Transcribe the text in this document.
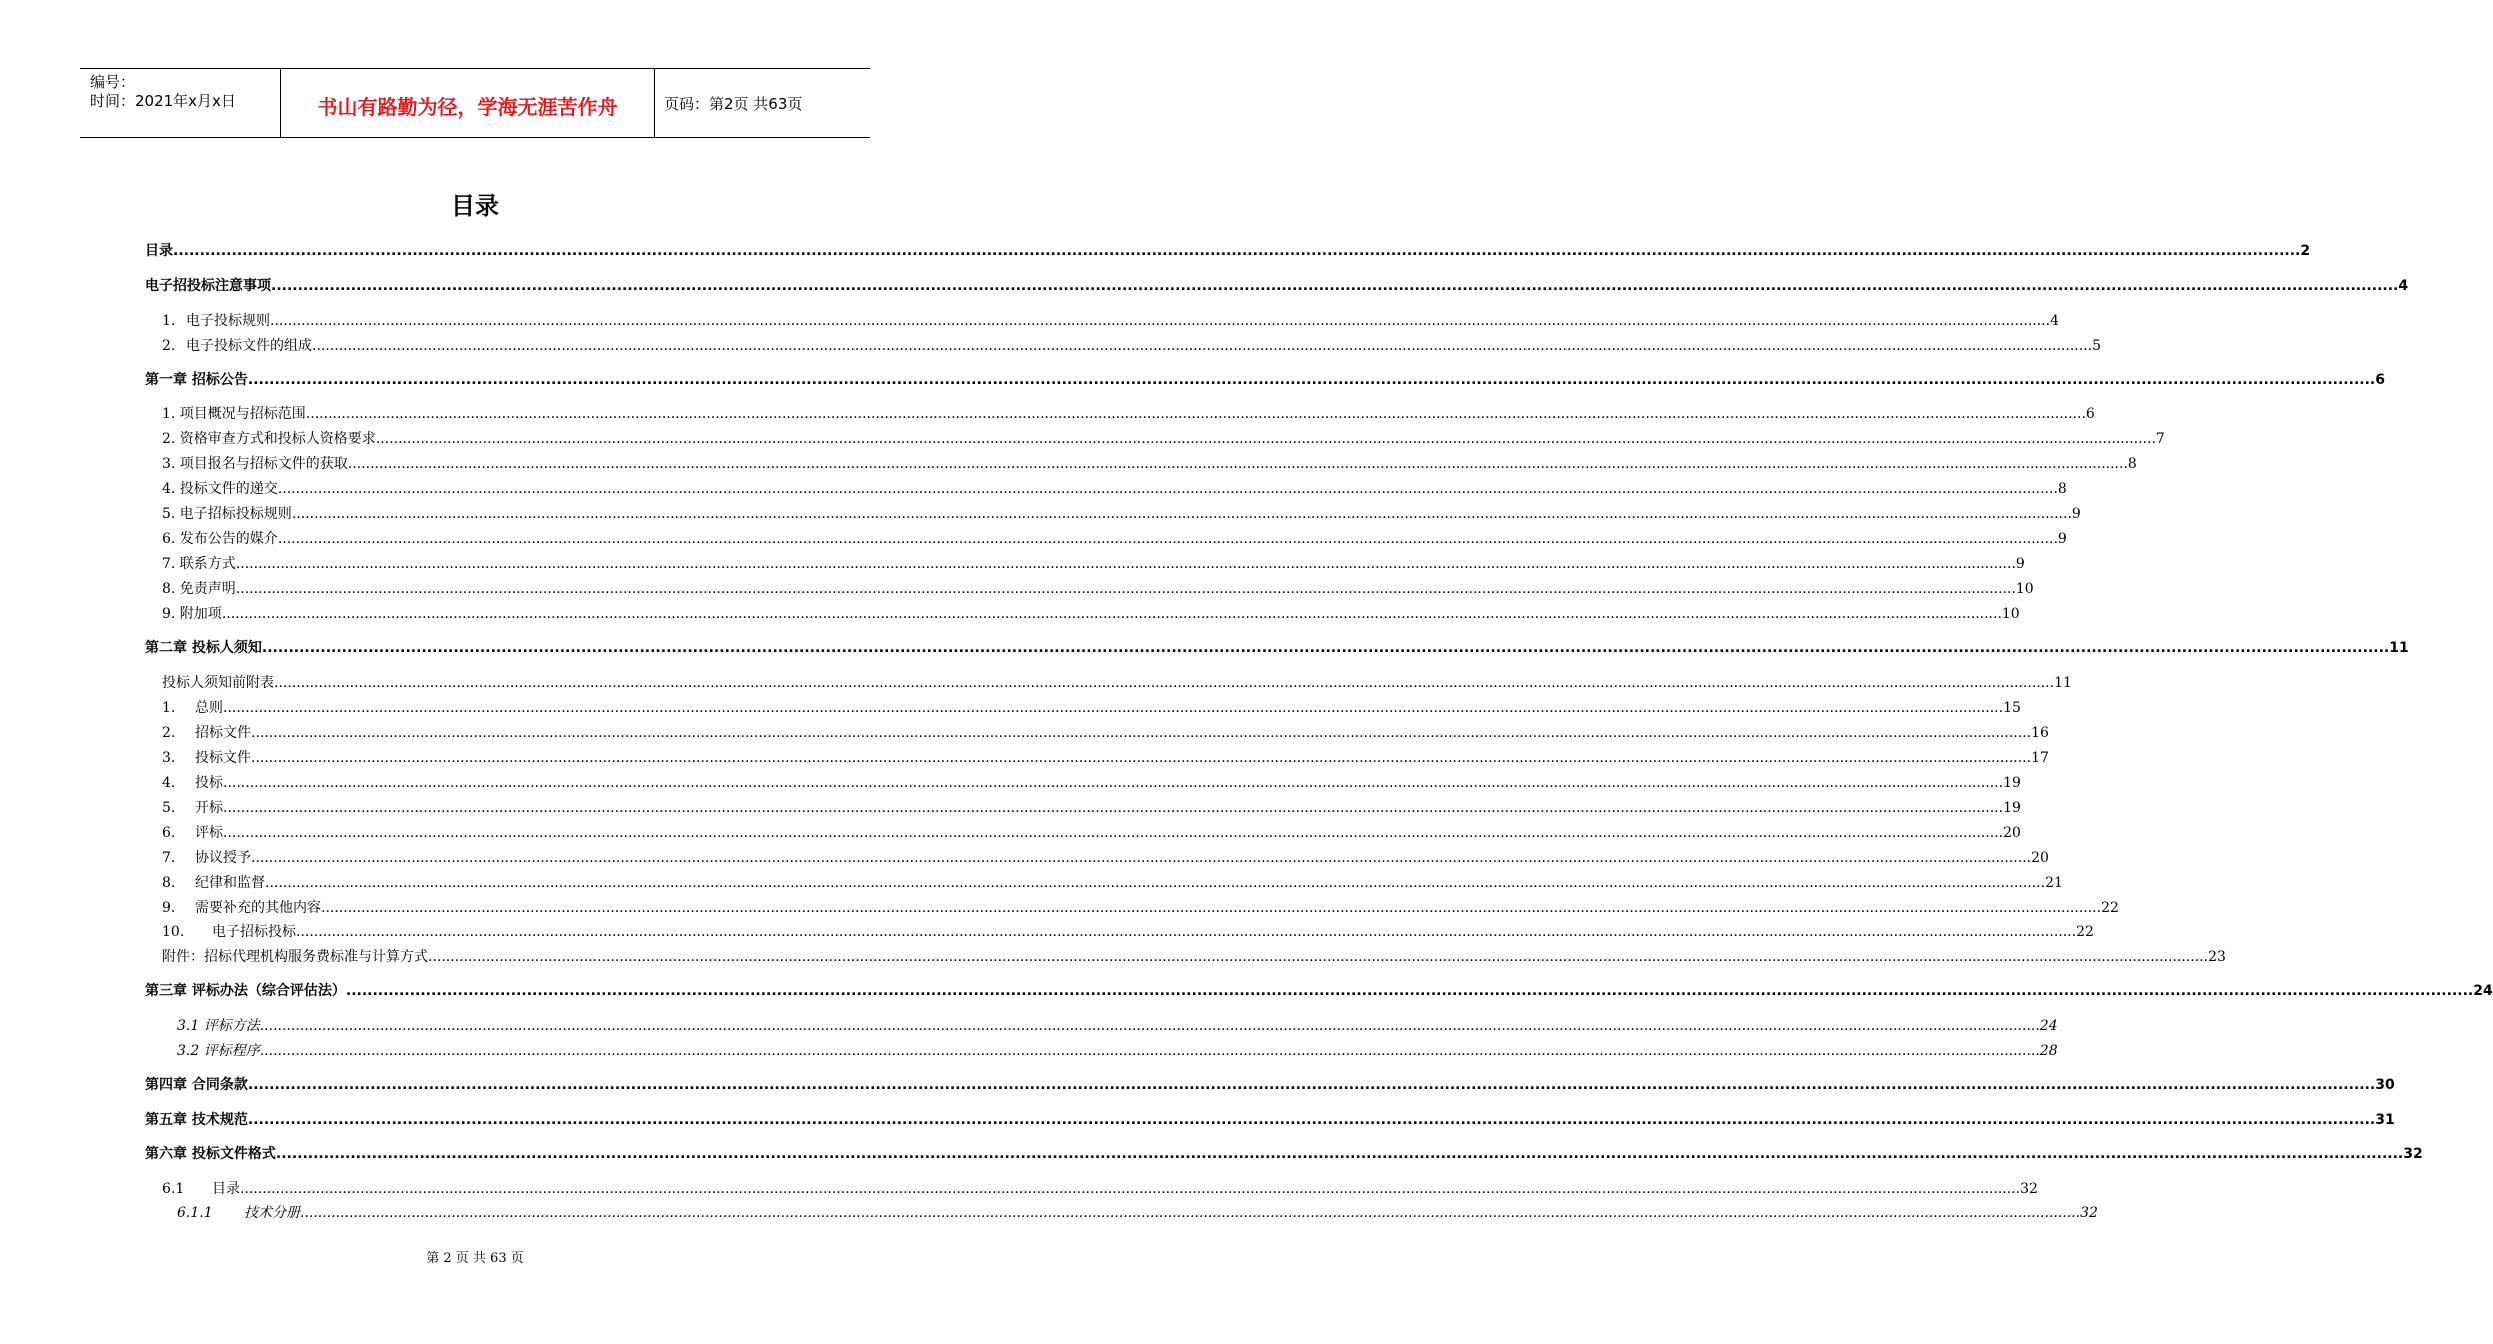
编号：
时间：2021年x月x日	书山有路勤为径，学海无涯苦作舟	页码：第2页 共63页
目录
目录 ................................................................................................................................................................................................................................................................................................................................................................................................................ 2
电子招投标注意事项 ................................................................................................................................................................................................................................................................................................................................................................................................................ 4
1. 电子投标规则 ................................................................................................................................................................................................................................................................................................................................................................................................................ 4
2. 电子投标文件的组成 ................................................................................................................................................................................................................................................................................................................................................................................................................ 5
第一章 招标公告 ................................................................................................................................................................................................................................................................................................................................................................................................................ 6
1. 项目概况与招标范围 ................................................................................................................................................................................................................................................................................................................................................................................................................ 6
2. 资格审查方式和投标人资格要求 ................................................................................................................................................................................................................................................................................................................................................................................................................ 7
3. 项目报名与招标文件的获取 ................................................................................................................................................................................................................................................................................................................................................................................................................ 8
4. 投标文件的递交 ................................................................................................................................................................................................................................................................................................................................................................................................................ 8
5. 电子招标投标规则 ................................................................................................................................................................................................................................................................................................................................................................................................................ 9
6. 发布公告的媒介 ................................................................................................................................................................................................................................................................................................................................................................................................................ 9
7. 联系方式 ................................................................................................................................................................................................................................................................................................................................................................................................................ 9
8. 免责声明 ................................................................................................................................................................................................................................................................................................................................................................................................................ 10
9. 附加项 ................................................................................................................................................................................................................................................................................................................................................................................................................ 10
第二章 投标人须知 ................................................................................................................................................................................................................................................................................................................................................................................................................ 11
投标人须知前附表 ................................................................................................................................................................................................................................................................................................................................................................................................................ 11
1. 总则 ................................................................................................................................................................................................................................................................................................................................................................................................................ 15
2. 招标文件 ................................................................................................................................................................................................................................................................................................................................................................................................................ 16
3. 投标文件 ................................................................................................................................................................................................................................................................................................................................................................................................................ 17
4. 投标 ................................................................................................................................................................................................................................................................................................................................................................................................................ 19
5. 开标 ................................................................................................................................................................................................................................................................................................................................................................................................................ 19
6. 评标 ................................................................................................................................................................................................................................................................................................................................................................................................................ 20
7. 协议授予 ................................................................................................................................................................................................................................................................................................................................................................................................................ 20
8. 纪律和监督 ................................................................................................................................................................................................................................................................................................................................................................................................................ 21
9. 需要补充的其他内容 ................................................................................................................................................................................................................................................................................................................................................................................................................ 22
10. 电子招标投标 ................................................................................................................................................................................................................................................................................................................................................................................................................ 22
附件：招标代理机构服务费标准与计算方式 ................................................................................................................................................................................................................................................................................................................................................................................................................ 23
第三章 评标办法（综合评估法） ................................................................................................................................................................................................................................................................................................................................................................................................................ 24
3.1 评标方法 ................................................................................................................................................................................................................................................................................................................................................................................................................ 24
3.2 评标程序 ................................................................................................................................................................................................................................................................................................................................................................................................................ 28
第四章 合同条款 ................................................................................................................................................................................................................................................................................................................................................................................................................ 30
第五章 技术规范 ................................................................................................................................................................................................................................................................................................................................................................................................................ 31
第六章 投标文件格式 ................................................................................................................................................................................................................................................................................................................................................................................................................ 32
6.1 目录 ................................................................................................................................................................................................................................................................................................................................................................................................................ 32
6.1.1 技术分册 ................................................................................................................................................................................................................................................................................................................................................................................................................ 32
第 2 页 共 63 页
